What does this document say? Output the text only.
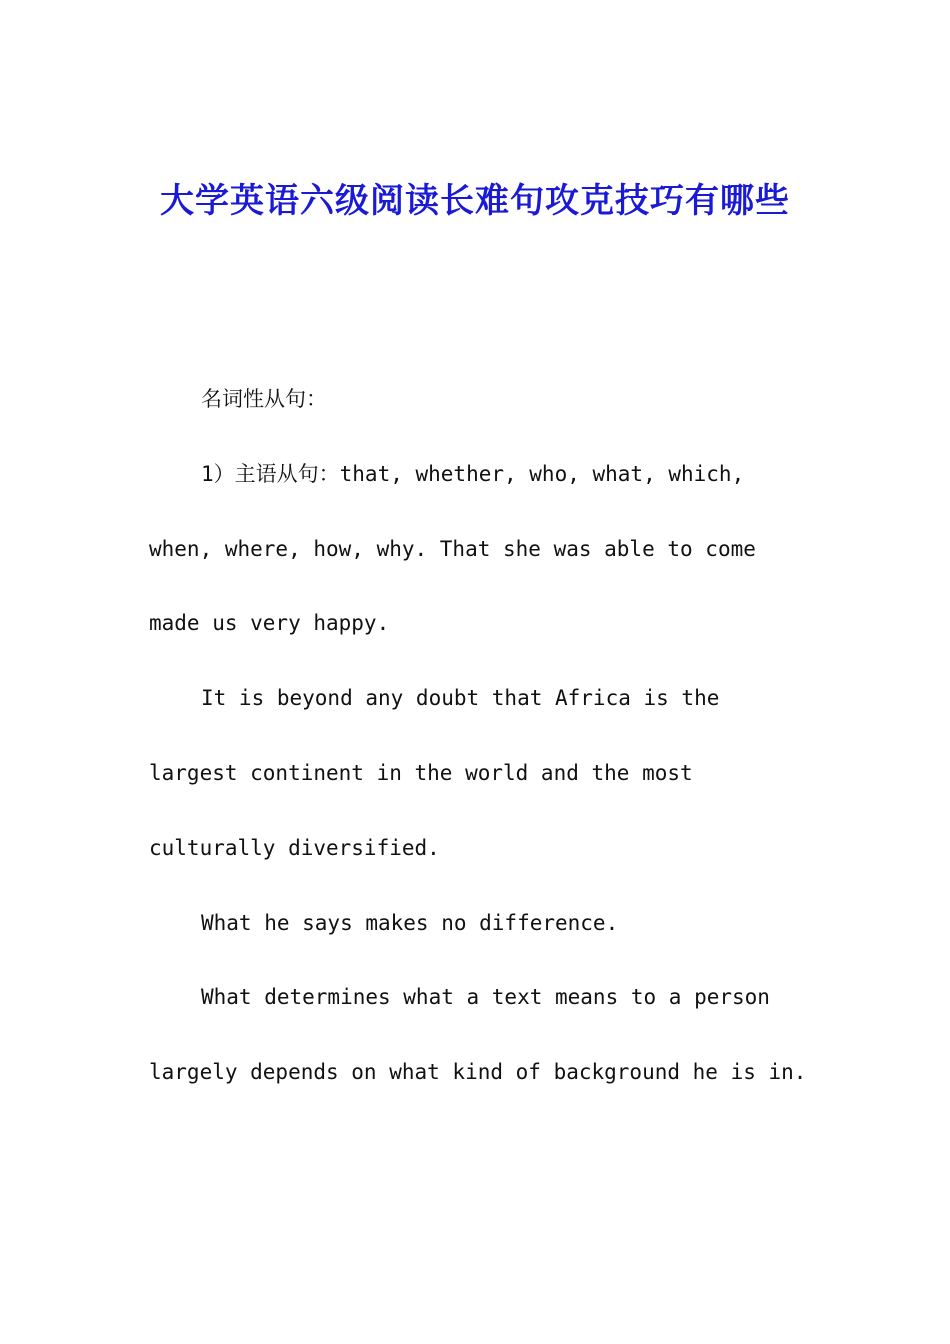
大学英语六级阅读长难句攻克技巧有哪些

名词性从句：

1）主语从句：that, whether, who, what, which, when, where, how, why. That she was able to come made us very happy.

It is beyond any doubt that Africa is the largest continent in the world and the most culturally diversified.

What he says makes no difference.

What determines what a text means to a person largely depends on what kind of background he is in.
